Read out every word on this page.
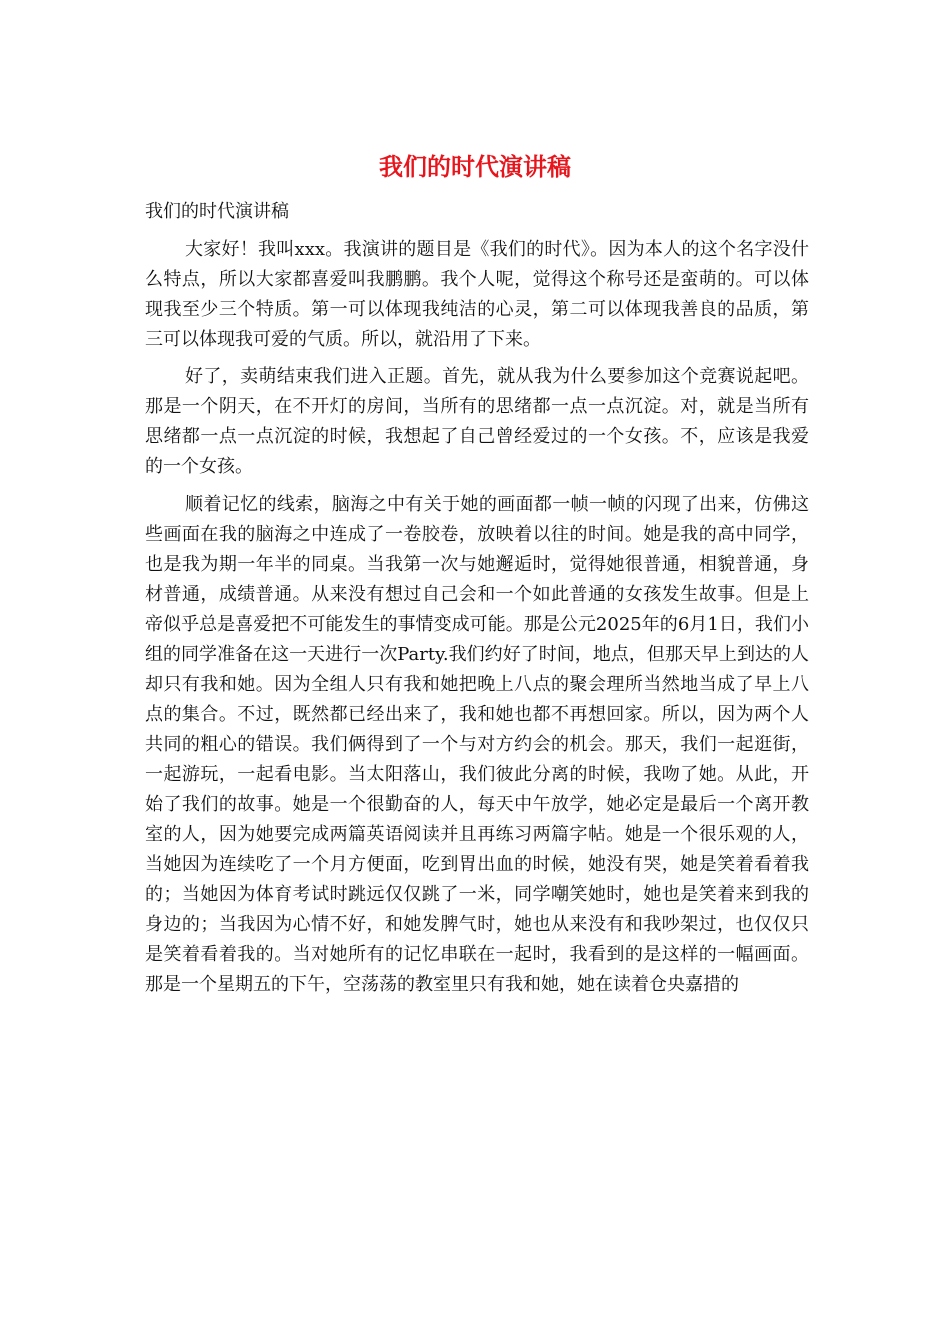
我们的时代演讲稿

我们的时代演讲稿

大家好！我叫xxx。我演讲的题目是《我们的时代》。因为本人的这个名字没什么特点，所以大家都喜爱叫我鹏鹏。我个人呢，觉得这个称号还是蛮萌的。可以体现我至少三个特质。第一可以体现我纯洁的心灵，第二可以体现我善良的品质，第三可以体现我可爱的气质。所以，就沿用了下来。

好了，卖萌结束我们进入正题。首先，就从我为什么要参加这个竞赛说起吧。那是一个阴天，在不开灯的房间，当所有的思绪都一点一点沉淀。对，就是当所有思绪都一点一点沉淀的时候，我想起了自己曾经爱过的一个女孩。不，应该是我爱的一个女孩。

顺着记忆的线索，脑海之中有关于她的画面都一帧一帧的闪现了出来，仿佛这些画面在我的脑海之中连成了一卷胶卷，放映着以往的时间。她是我的高中同学，也是我为期一年半的同桌。当我第一次与她邂逅时，觉得她很普通，相貌普通，身材普通，成绩普通。从来没有想过自己会和一个如此普通的女孩发生故事。但是上帝似乎总是喜爱把不可能发生的事情变成可能。那是公元2025年的6月1日，我们小组的同学准备在这一天进行一次Party.我们约好了时间，地点，但那天早上到达的人却只有我和她。因为全组人只有我和她把晚上八点的聚会理所当然地当成了早上八点的集合。不过，既然都已经出来了，我和她也都不再想回家。所以，因为两个人共同的粗心的错误。我们俩得到了一个与对方约会的机会。那天，我们一起逛街，一起游玩，一起看电影。当太阳落山，我们彼此分离的时候，我吻了她。从此，开始了我们的故事。她是一个很勤奋的人，每天中午放学，她必定是最后一个离开教室的人，因为她要完成两篇英语阅读并且再练习两篇字帖。她是一个很乐观的人，当她因为连续吃了一个月方便面，吃到胃出血的时候，她没有哭，她是笑着看着我的；当她因为体育考试时跳远仅仅跳了一米，同学嘲笑她时，她也是笑着来到我的身边的；当我因为心情不好，和她发脾气时，她也从来没有和我吵架过，也仅仅只是笑着看着我的。当对她所有的记忆串联在一起时，我看到的是这样的一幅画面。那是一个星期五的下午，空荡荡的教室里只有我和她，她在读着仓央嘉措的
